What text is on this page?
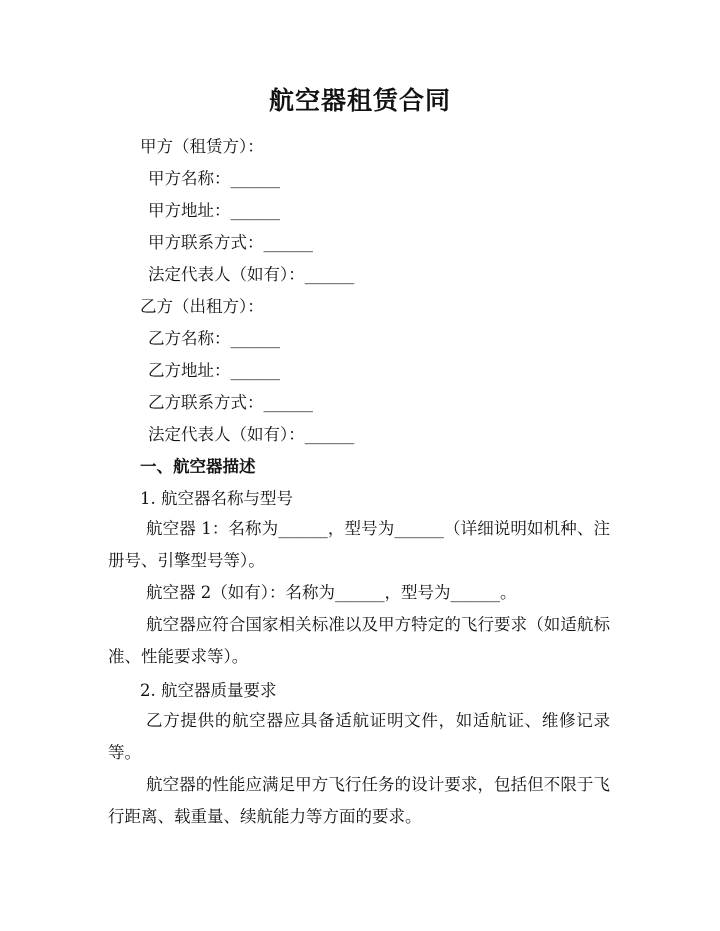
航空器租赁合同
甲方（租赁方）：
甲方名称：______
甲方地址：______
甲方联系方式：______
法定代表人（如有）：______
乙方（出租方）：
乙方名称：______
乙方地址：______
乙方联系方式：______
法定代表人（如有）：______
一、航空器描述
1. 航空器名称与型号
航空器 1：名称为______，型号为______（详细说明如机种、注册号、引擎型号等）。
航空器 2（如有）：名称为______，型号为______。
航空器应符合国家相关标准以及甲方特定的飞行要求（如适航标准、性能要求等）。
2. 航空器质量要求
乙方提供的航空器应具备适航证明文件，如适航证、维修记录等。
航空器的性能应满足甲方飞行任务的设计要求，包括但不限于飞行距离、载重量、续航能力等方面的要求。
